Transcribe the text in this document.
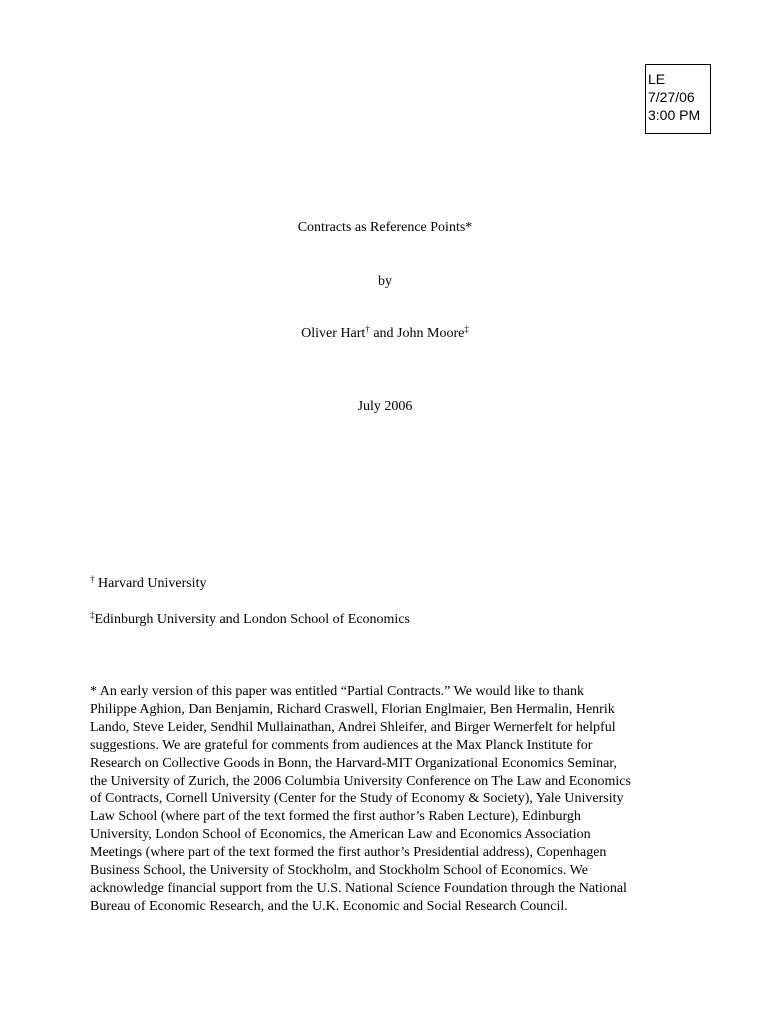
LE
7/27/06
3:00 PM
Contracts as Reference Points*
by
Oliver Hart† and John Moore‡
July 2006
† Harvard University
‡Edinburgh University and London School of Economics
* An early version of this paper was entitled “Partial Contracts.” We would like to thank
Philippe Aghion, Dan Benjamin, Richard Craswell, Florian Englmaier, Ben Hermalin, Henrik
Lando, Steve Leider, Sendhil Mullainathan, Andrei Shleifer, and Birger Wernerfelt for helpful
suggestions. We are grateful for comments from audiences at the Max Planck Institute for
Research on Collective Goods in Bonn, the Harvard-MIT Organizational Economics Seminar,
the University of Zurich, the 2006 Columbia University Conference on The Law and Economics
of Contracts, Cornell University (Center for the Study of Economy & Society), Yale University
Law School (where part of the text formed the first author’s Raben Lecture), Edinburgh
University, London School of Economics, the American Law and Economics Association
Meetings (where part of the text formed the first author’s Presidential address), Copenhagen
Business School, the University of Stockholm, and Stockholm School of Economics. We
acknowledge financial support from the U.S. National Science Foundation through the National
Bureau of Economic Research, and the U.K. Economic and Social Research Council.
